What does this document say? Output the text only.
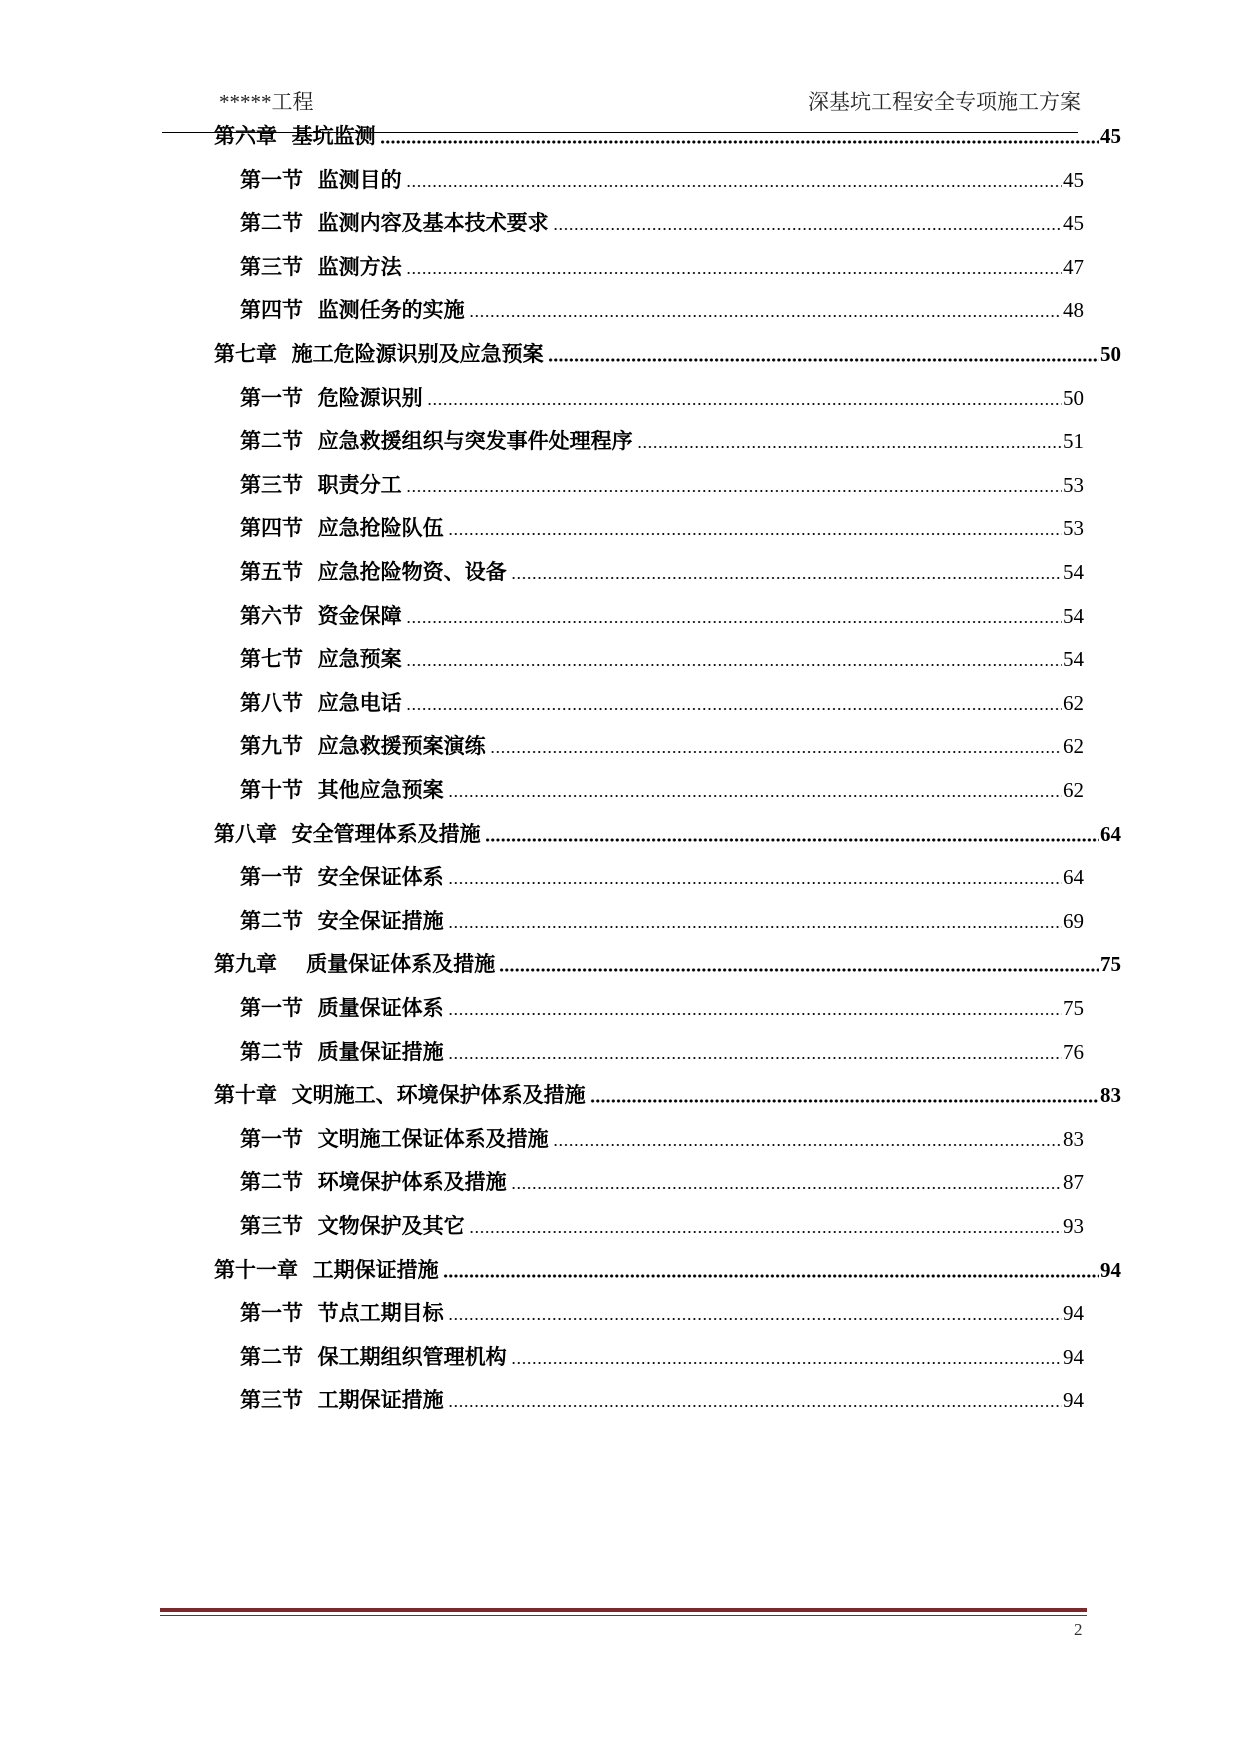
*****工程	深基坑工程安全专项施工方案
第六章  基坑监测	45
第一节  监测目的	45
第二节  监测内容及基本技术要求	45
第三节  监测方法	47
第四节  监测任务的实施	48
第七章  施工危险源识别及应急预案	50
第一节  危险源识别	50
第二节  应急救援组织与突发事件处理程序	51
第三节  职责分工	53
第四节  应急抢险队伍	53
第五节  应急抢险物资、设备	54
第六节  资金保障	54
第七节  应急预案	54
第八节  应急电话	62
第九节  应急救援预案演练	62
第十节  其他应急预案	62
第八章  安全管理体系及措施	64
第一节  安全保证体系	64
第二节  安全保证措施	69
第九章    质量保证体系及措施	75
第一节  质量保证体系	75
第二节  质量保证措施	76
第十章  文明施工、环境保护体系及措施	83
第一节  文明施工保证体系及措施	83
第二节  环境保护体系及措施	87
第三节  文物保护及其它	93
第十一章  工期保证措施	94
第一节  节点工期目标	94
第二节  保工期组织管理机构	94
第三节  工期保证措施	94
2
